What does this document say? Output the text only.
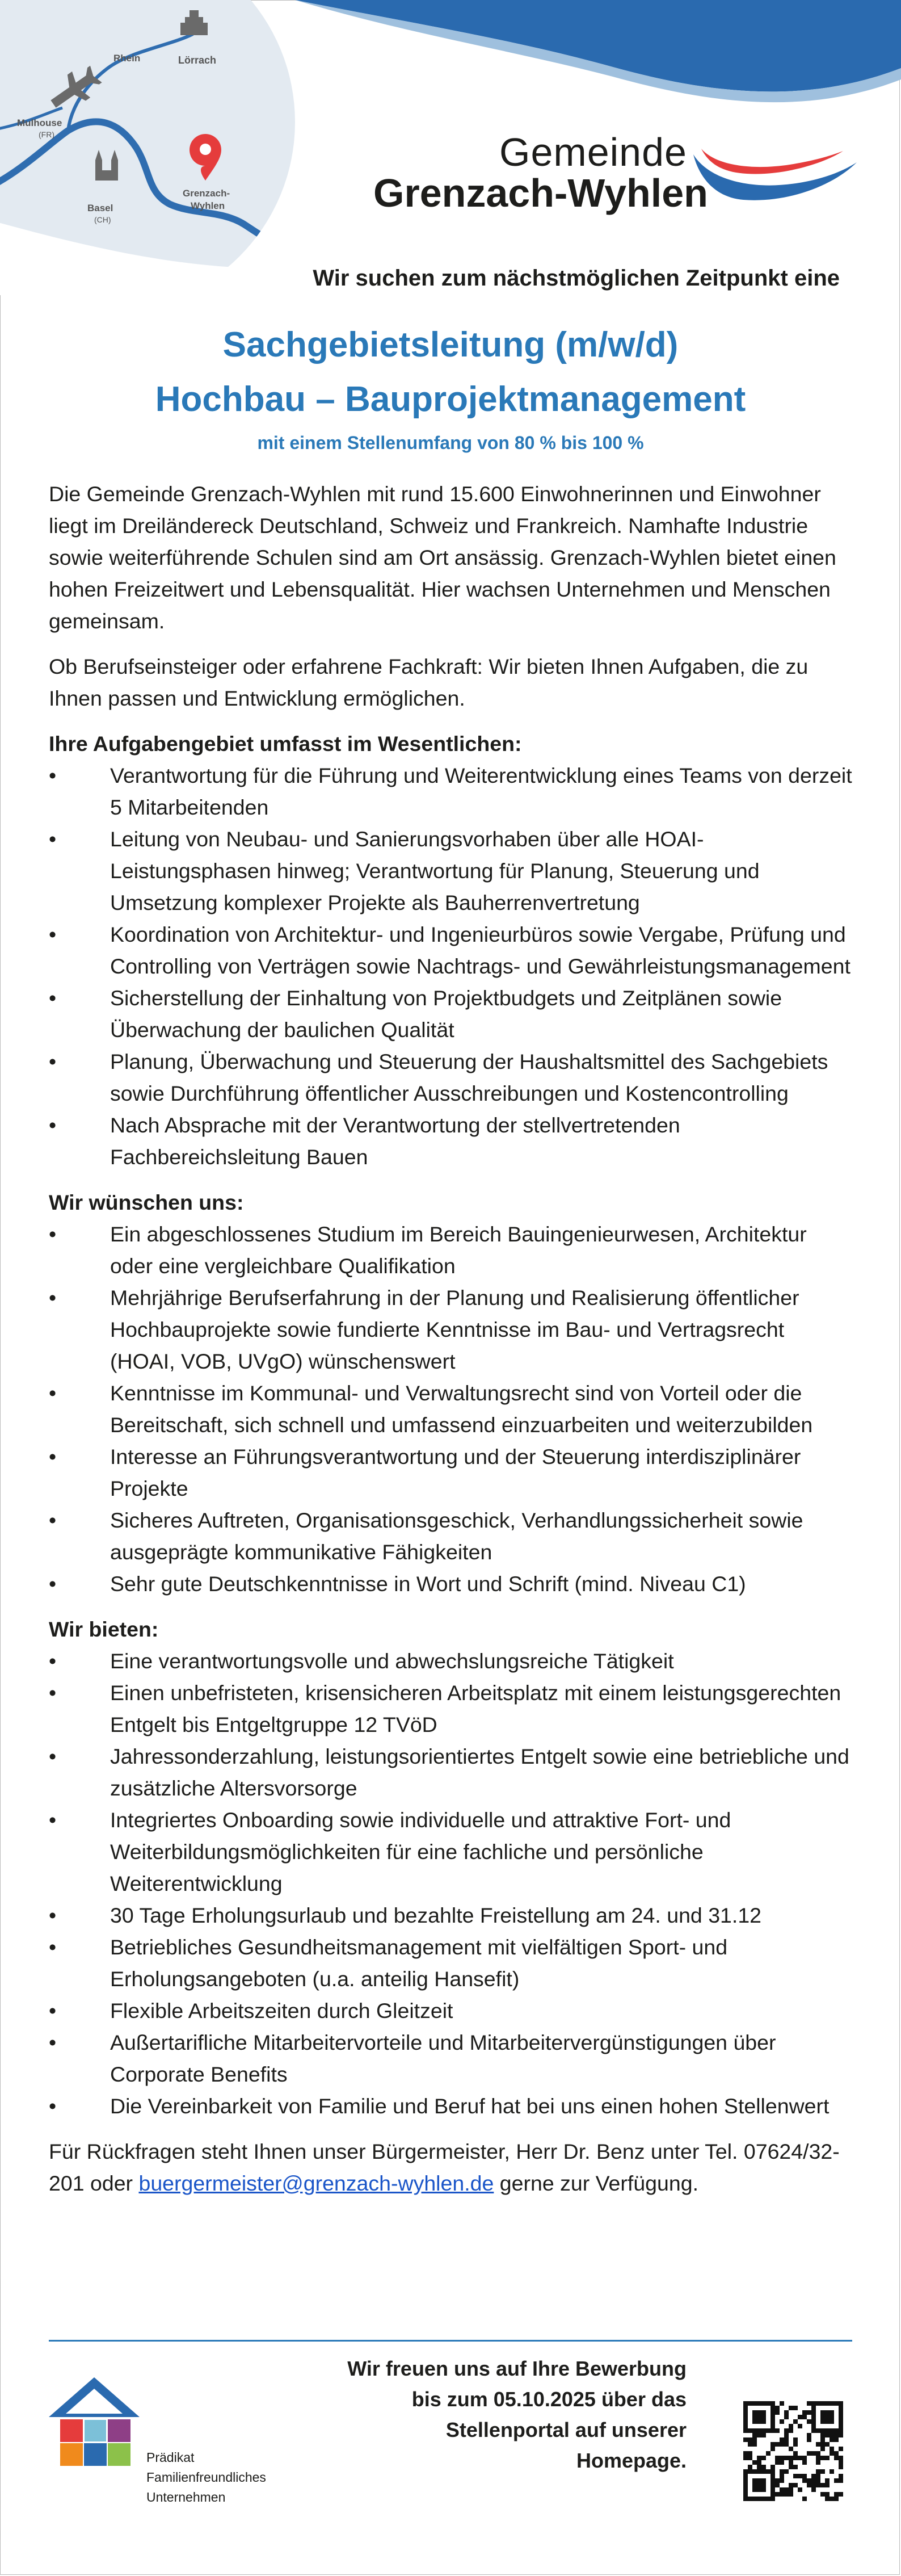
Rhein	Lörrach
Mulhouse
(FR)
Basel
(CH)
Grenzach-
Wyhlen
Gemeinde
Grenzach-Wyhlen
Wir suchen zum nächstmöglichen Zeitpunkt eine
Sachgebietsleitung (m/w/d)
Hochbau – Bauprojektmanagement
mit einem Stellenumfang von 80 % bis 100 %

Die Gemeinde Grenzach-Wyhlen mit rund 15.600 Einwohnerinnen und Einwohner liegt im Dreiländereck Deutschland, Schweiz und Frankreich. Namhafte Industrie sowie weiterführende Schulen sind am Ort ansässig. Grenzach-Wyhlen bietet einen hohen Freizeitwert und Lebensqualität. Hier wachsen Unternehmen und Menschen gemeinsam.

Ob Berufseinsteiger oder erfahrene Fachkraft: Wir bieten Ihnen Aufgaben, die zu Ihnen passen und Entwicklung ermöglichen.

Ihre Aufgabengebiet umfasst im Wesentlichen:

• Verantwortung für die Führung und Weiterentwicklung eines Teams von derzeit 5 Mitarbeitenden
• Leitung von Neubau- und Sanierungsvorhaben über alle HOAI-Leistungsphasen hinweg; Verantwortung für Planung, Steuerung und Umsetzung komplexer Projekte als Bauherrenvertretung
• Koordination von Architektur- und Ingenieurbüros sowie Vergabe, Prüfung und Controlling von Verträgen sowie Nachtrags- und Gewährleistungsmanagement
• Sicherstellung der Einhaltung von Projektbudgets und Zeitplänen sowie Überwachung der baulichen Qualität
• Planung, Überwachung und Steuerung der Haushaltsmittel des Sachgebiets sowie Durchführung öffentlicher Ausschreibungen und Kostencontrolling
• Nach Absprache mit der Verantwortung der stellvertretenden Fachbereichsleitung Bauen

Wir wünschen uns:

• Ein abgeschlossenes Studium im Bereich Bauingenieurwesen, Architektur oder eine vergleichbare Qualifikation
• Mehrjährige Berufserfahrung in der Planung und Realisierung öffentlicher Hochbauprojekte sowie fundierte Kenntnisse im Bau- und Vertragsrecht (HOAI, VOB, UVgO) wünschenswert
• Kenntnisse im Kommunal- und Verwaltungsrecht sind von Vorteil oder die Bereitschaft, sich schnell und umfassend einzuarbeiten und weiterzubilden
• Interesse an Führungsverantwortung und der Steuerung interdisziplinärer Projekte
• Sicheres Auftreten, Organisationsgeschick, Verhandlungssicherheit sowie ausgeprägte kommunikative Fähigkeiten
• Sehr gute Deutschkenntnisse in Wort und Schrift (mind. Niveau C1)

Wir bieten:

• Eine verantwortungsvolle und abwechslungsreiche Tätigkeit
• Einen unbefristeten, krisensicheren Arbeitsplatz mit einem leistungsgerechten Entgelt bis Entgeltgruppe 12 TVöD
• Jahressonderzahlung, leistungsorientiertes Entgelt sowie eine betriebliche und zusätzliche Altersvorsorge
• Integriertes Onboarding sowie individuelle und attraktive Fort- und Weiterbildungsmöglichkeiten für eine fachliche und persönliche Weiterentwicklung
• 30 Tage Erholungsurlaub und bezahlte Freistellung am 24. und 31.12
• Betriebliches Gesundheitsmanagement mit vielfältigen Sport- und Erholungsangeboten (u.a. anteilig Hansefit)
• Flexible Arbeitszeiten durch Gleitzeit
• Außertarifliche Mitarbeitervorteile und Mitarbeitervergünstigungen über Corporate Benefits
• Die Vereinbarkeit von Familie und Beruf hat bei uns einen hohen Stellenwert

Für Rückfragen steht Ihnen unser Bürgermeister, Herr Dr. Benz unter Tel. 07624/32-201 oder buergermeister@grenzach-wyhlen.de gerne zur Verfügung.

Prädikat
Familienfreundliches
Unternehmen
Wir freuen uns auf Ihre Bewerbung
bis zum 05.10.2025 über das
Stellenportal auf unserer
Homepage.
